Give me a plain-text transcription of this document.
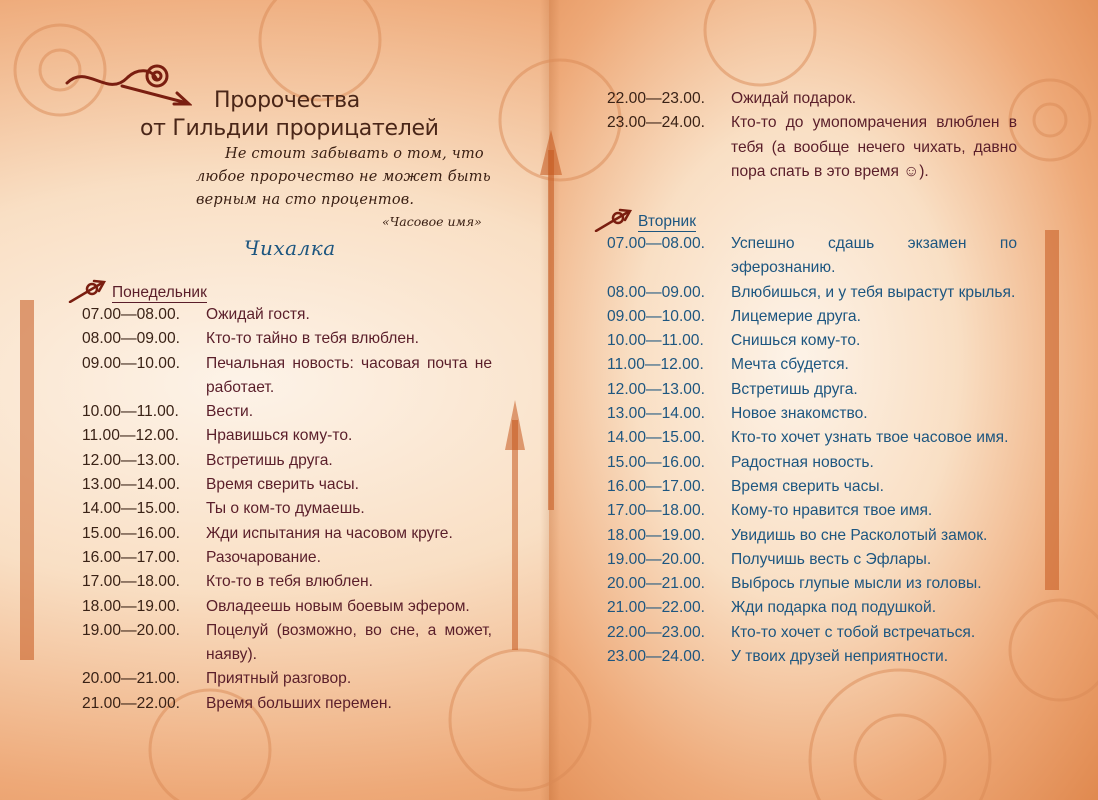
Пророчества
от Гильдии прорицателей
Не стоит забывать о том, что
любое пророчество не может быть
верным на сто процентов.
«Часовое имя»
Чихалка
Понедельник
07.00—08.00.	Ожидай гостя.
08.00—09.00.	Кто-то тайно в тебя влюблен.
09.00—10.00.	Печальная новость: часовая почта не работает.
10.00—11.00.	Вести.
11.00—12.00.	Нравишься кому-то.
12.00—13.00.	Встретишь друга.
13.00—14.00.	Время сверить часы.
14.00—15.00.	Ты о ком-то думаешь.
15.00—16.00.	Жди испытания на часовом круге.
16.00—17.00.	Разочарование.
17.00—18.00.	Кто-то в тебя влюблен.
18.00—19.00.	Овладеешь новым боевым эфером.
19.00—20.00.	Поцелуй (возможно, во сне, а может, наяву).
20.00—21.00.	Приятный разговор.
21.00—22.00.	Время больших перемен.
22.00—23.00.	Ожидай подарок.
23.00—24.00.	Кто-то до умопомрачения влюблен в тебя (а вообще нечего чихать, давно пора спать в это время ☺).
Вторник
07.00—08.00.	Успешно сдашь экзамен по эферознанию.
08.00—09.00.	Влюбишься, и у тебя вырастут крылья.
09.00—10.00.	Лицемерие друга.
10.00—11.00.	Снишься кому-то.
11.00—12.00.	Мечта сбудется.
12.00—13.00.	Встретишь друга.
13.00—14.00.	Новое знакомство.
14.00—15.00.	Кто-то хочет узнать твое часовое имя.
15.00—16.00.	Радостная новость.
16.00—17.00.	Время сверить часы.
17.00—18.00.	Кому-то нравится твое имя.
18.00—19.00.	Увидишь во сне Расколотый замок.
19.00—20.00.	Получишь весть с Эфлары.
20.00—21.00.	Выбрось глупые мысли из головы.
21.00—22.00.	Жди подарка под подушкой.
22.00—23.00.	Кто-то хочет с тобой встречаться.
23.00—24.00.	У твоих друзей неприятности.
